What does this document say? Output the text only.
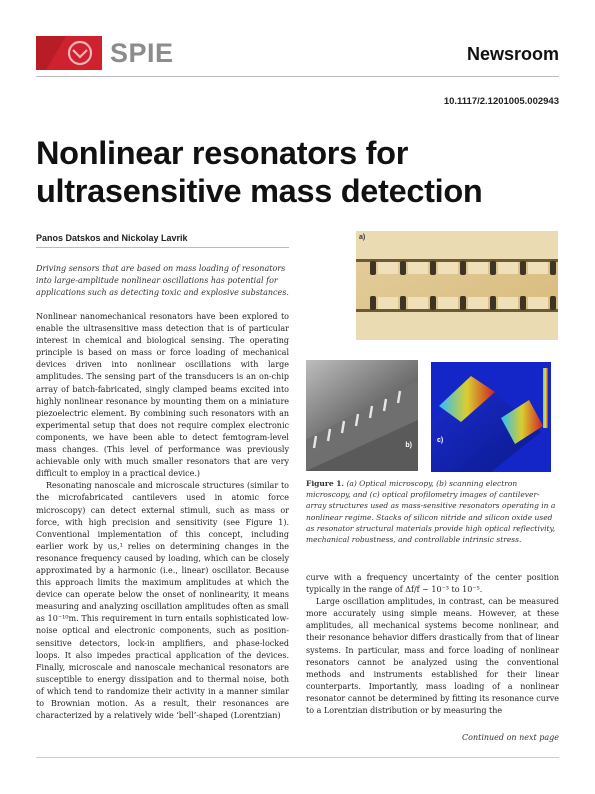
SPIE	Newsroom
10.1117/2.1201005.002943
Nonlinear resonators for ultrasensitive mass detection
Panos Datskos and Nickolay Lavrik
Driving sensors that are based on mass loading of resonators into large-amplitude nonlinear oscillations has potential for applications such as detecting toxic and explosive substances.

Nonlinear nanomechanical resonators have been explored to enable the ultrasensitive mass detection that is of particular interest in chemical and biological sensing. The operating principle is based on mass or force loading of mechanical devices driven into nonlinear oscillations with large amplitudes. The sensing part of the transducers is an on-chip array of batch-fabricated, singly clamped beams excited into highly nonlinear resonance by mounting them on a miniature piezoelectric element. By combining such resonators with an experimental setup that does not require complex electronic components, we have been able to detect femtogram-level mass changes. (This level of performance was previously achievable only with much smaller resonators that are very difficult to employ in a practical device.)

Resonating nanoscale and microscale structures (similar to the microfabricated cantilevers used in atomic force microscopy) can detect external stimuli, such as mass or force, with high precision and sensitivity (see Figure 1). Conventional implementation of this concept, including earlier work by us,¹ relies on determining changes in the resonance frequency caused by loading, which can be closely approximated by a harmonic (i.e., linear) oscillator. Because this approach limits the maximum amplitudes at which the device can operate below the onset of nonlinearity, it means measuring and analyzing oscillation amplitudes often as small as 10⁻¹⁰m. This requirement in turn entails sophisticated low-noise optical and electronic components, such as position-sensitive detectors, lock-in amplifiers, and phase-locked loops. It also impedes practical application of the devices. Finally, microscale and nanoscale mechanical resonators are susceptible to energy dissipation and to thermal noise, both of which tend to randomize their activity in a manner similar to Brownian motion. As a result, their resonances are characterized by a relatively wide ‘bell’-shaped (Lorentzian)

a)
b)
c)
Figure 1. (a) Optical microscopy, (b) scanning electron microscopy, and (c) optical profilometry images of cantilever-array structures used as mass-sensitive resonators operating in a nonlinear regime. Stacks of silicon nitride and silicon oxide used as resonator structural materials provide high optical reflectivity, mechanical robustness, and controllable intrinsic stress.

curve with a frequency uncertainty of the center position typically in the range of Δf/f ∼ 10⁻³ to 10⁻⁵.

Large oscillation amplitudes, in contrast, can be measured more accurately using simple means. However, at these amplitudes, all mechanical systems become nonlinear, and their resonance behavior differs drastically from that of linear systems. In particular, mass and force loading of nonlinear resonators cannot be analyzed using the conventional methods and instruments established for their linear counterparts. Importantly, mass loading of a nonlinear resonator cannot be determined by fitting its resonance curve to a Lorentzian distribution or by measuring the

Continued on next page
